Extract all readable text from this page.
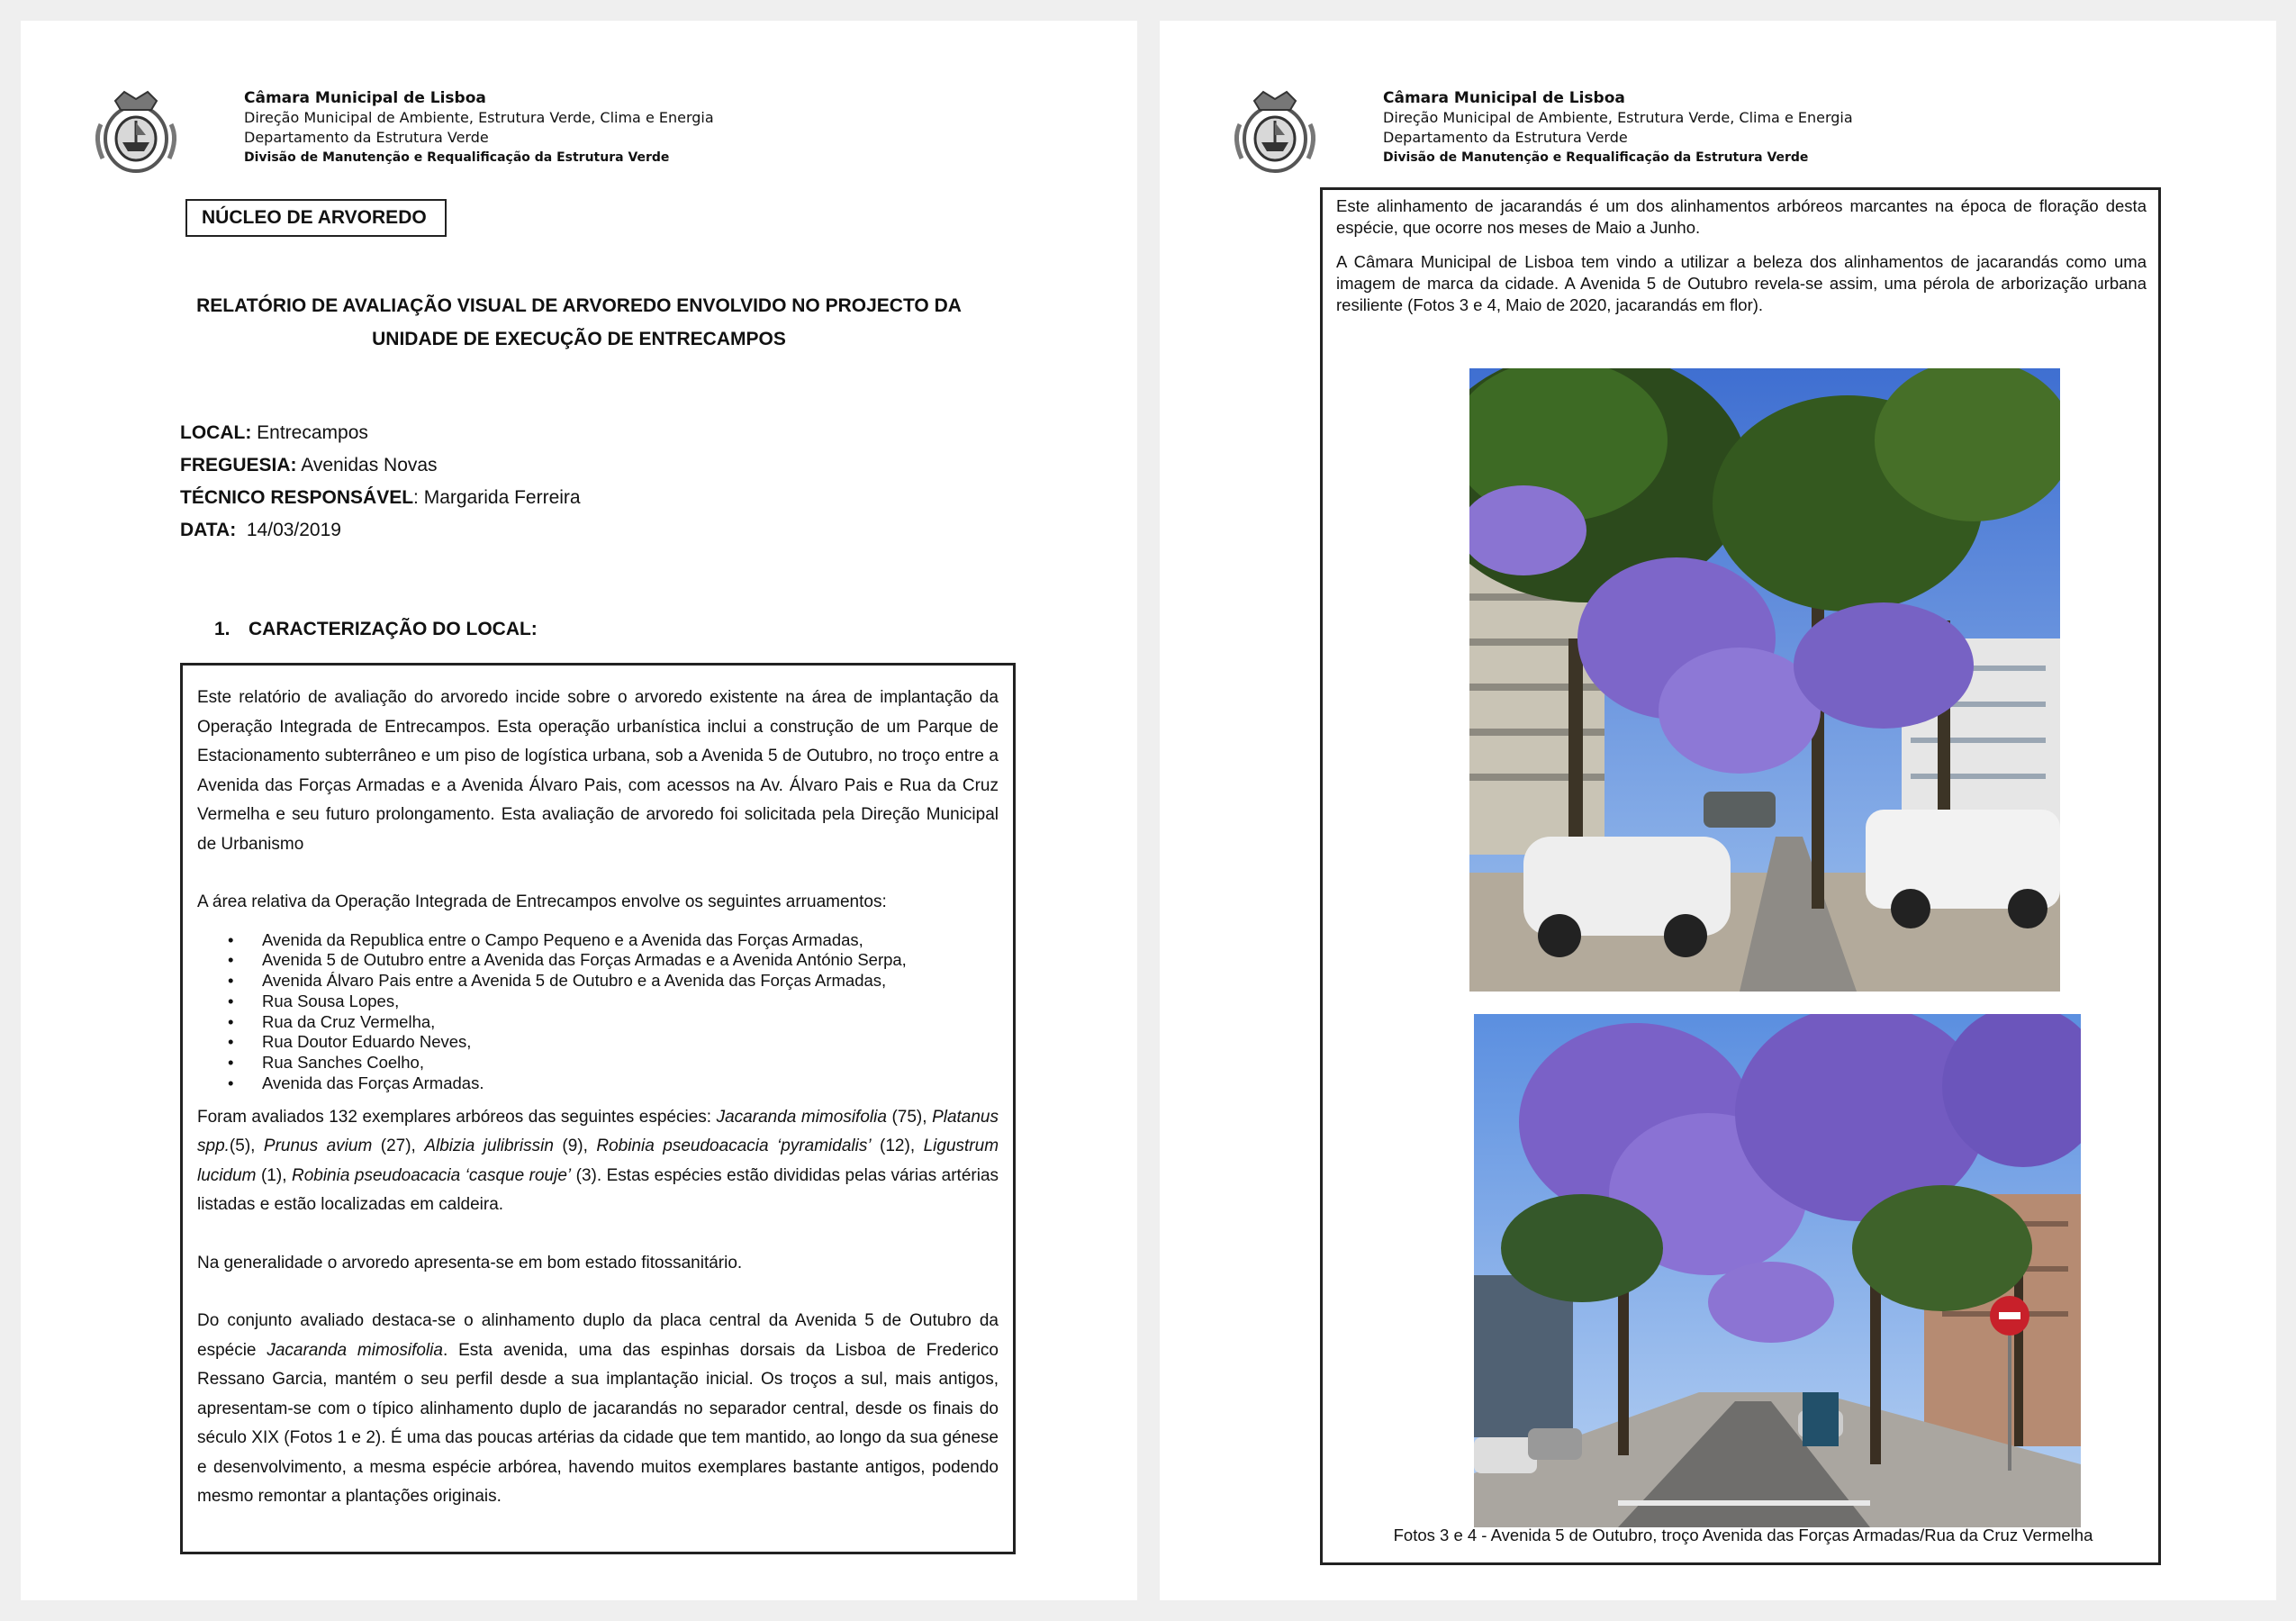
Câmara Municipal de Lisboa
Direção Municipal de Ambiente, Estrutura Verde, Clima e Energia
Departamento da Estrutura Verde
Divisão de Manutenção e Requalificação da Estrutura Verde
NÚCLEO DE ARVOREDO
RELATÓRIO DE AVALIAÇÃO VISUAL DE ARVOREDO ENVOLVIDO NO PROJECTO DA
UNIDADE DE EXECUÇÃO DE ENTRECAMPOS
LOCAL: Entrecampos
FREGUESIA: Avenidas Novas
TÉCNICO RESPONSÁVEL: Margarida Ferreira
DATA:  14/03/2019
1. CARACTERIZAÇÃO DO LOCAL:

Este relatório de avaliação do arvoredo incide sobre o arvoredo existente na área de implantação da Operação Integrada de Entrecampos. Esta operação urbanística inclui a construção de um Parque de Estacionamento subterrâneo e um piso de logística urbana, sob a Avenida 5 de Outubro, no troço entre a Avenida das Forças Armadas e a Avenida Álvaro Pais, com acessos na Av. Álvaro Pais e Rua da Cruz Vermelha e seu futuro prolongamento. Esta avaliação de arvoredo foi solicitada pela Direção Municipal de Urbanismo

A área relativa da Operação Integrada de Entrecampos envolve os seguintes arruamentos:

• Avenida da Republica entre o Campo Pequeno e a Avenida das Forças Armadas,
• Avenida 5 de Outubro entre a Avenida das Forças Armadas e a Avenida António Serpa,
• Avenida Álvaro Pais entre a Avenida 5 de Outubro e a Avenida das Forças Armadas,
• Rua Sousa Lopes,
• Rua da Cruz Vermelha,
• Rua Doutor Eduardo Neves,
• Rua Sanches Coelho,
• Avenida das Forças Armadas.

Foram avaliados 132 exemplares arbóreos das seguintes espécies: Jacaranda mimosifolia (75), Platanus spp.(5), Prunus avium (27), Albizia julibrissin (9), Robinia pseudoacacia ‘pyramidalis’ (12), Ligustrum lucidum (1), Robinia pseudoacacia ‘casque rouje’ (3). Estas espécies estão divididas pelas várias artérias listadas e estão localizadas em caldeira.

Na generalidade o arvoredo apresenta-se em bom estado fitossanitário.

Do conjunto avaliado destaca-se o alinhamento duplo da placa central da Avenida 5 de Outubro da espécie Jacaranda mimosifolia. Esta avenida, uma das espinhas dorsais da Lisboa de Frederico Ressano Garcia, mantém o seu perfil desde a sua implantação inicial. Os troços a sul, mais antigos, apresentam-se com o típico alinhamento duplo de jacarandás no separador central, desde os finais do século XIX (Fotos 1 e 2). É uma das poucas artérias da cidade que tem mantido, ao longo da sua génese e desenvolvimento, a mesma espécie arbórea, havendo muitos exemplares bastante antigos, podendo mesmo remontar a plantações originais.

Câmara Municipal de Lisboa
Direção Municipal de Ambiente, Estrutura Verde, Clima e Energia
Departamento da Estrutura Verde
Divisão de Manutenção e Requalificação da Estrutura Verde

Este alinhamento de jacarandás é um dos alinhamentos arbóreos marcantes na época de floração desta espécie, que ocorre nos meses de Maio a Junho.

A Câmara Municipal de Lisboa tem vindo a utilizar a beleza dos alinhamentos de jacarandás como uma imagem de marca da cidade. A Avenida 5 de Outubro revela-se assim, uma pérola de arborização urbana resiliente (Fotos 3 e 4, Maio de 2020, jacarandás em flor).

Fotos 3 e 4 - Avenida 5 de Outubro, troço Avenida das Forças Armadas/Rua da Cruz Vermelha
